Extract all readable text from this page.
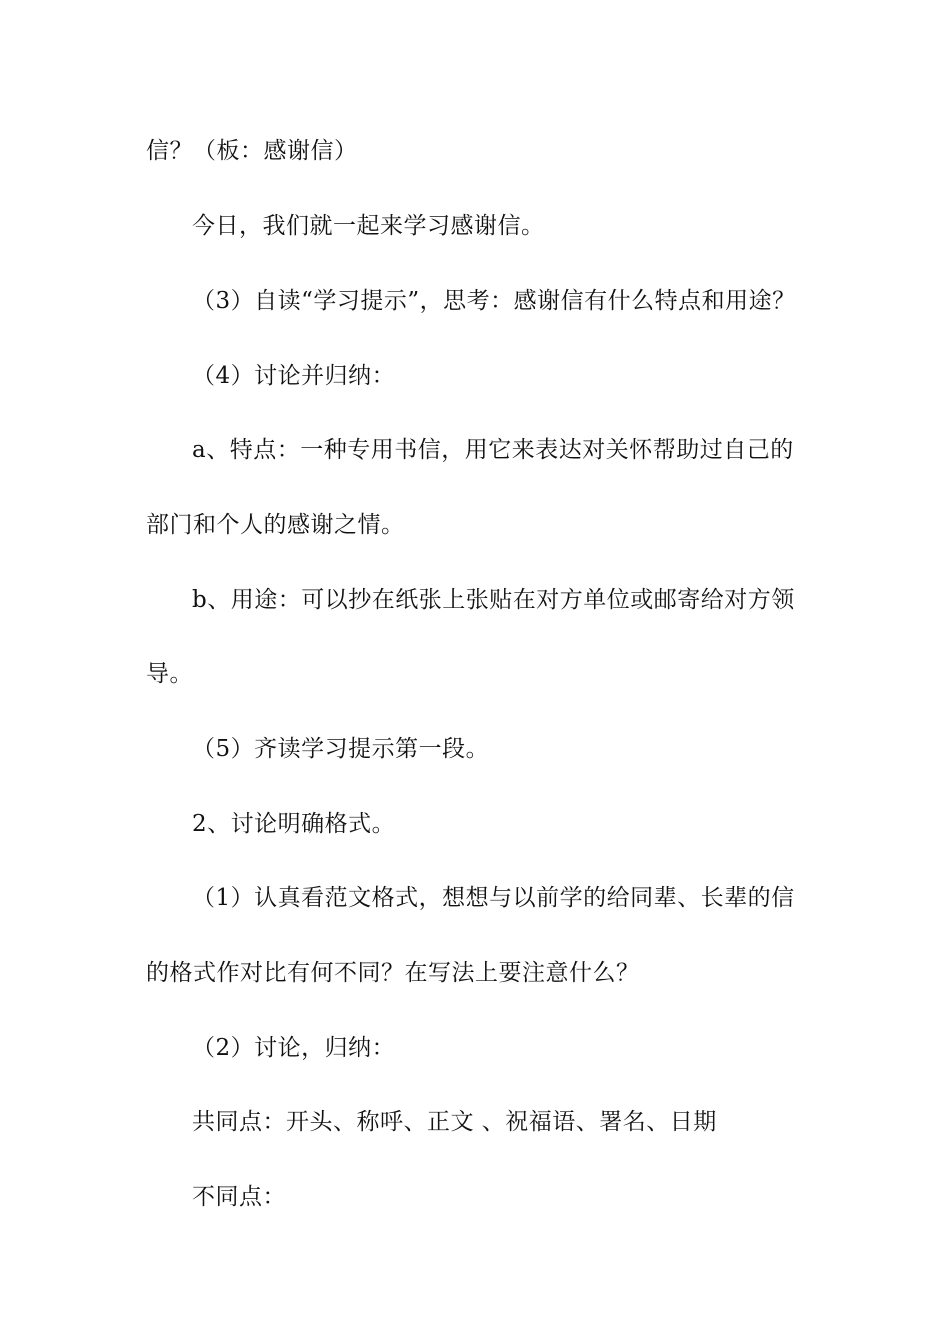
信？（板：感谢信）
今日，我们就一起来学习感谢信。
（3）自读“学习提示”，思考：感谢信有什么特点和用途？
（4）讨论并归纳：
a、特点：一种专用书信，用它来表达对关怀帮助过自己的
部门和个人的感谢之情。
b、用途：可以抄在纸张上张贴在对方单位或邮寄给对方领
导。
（5）齐读学习提示第一段。
2、讨论明确格式。
（1）认真看范文格式，想想与以前学的给同辈、长辈的信
的格式作对比有何不同？在写法上要注意什么？
（2）讨论，归纳：
共同点：开头、称呼、正文 、祝福语、署名、日期
不同点：
